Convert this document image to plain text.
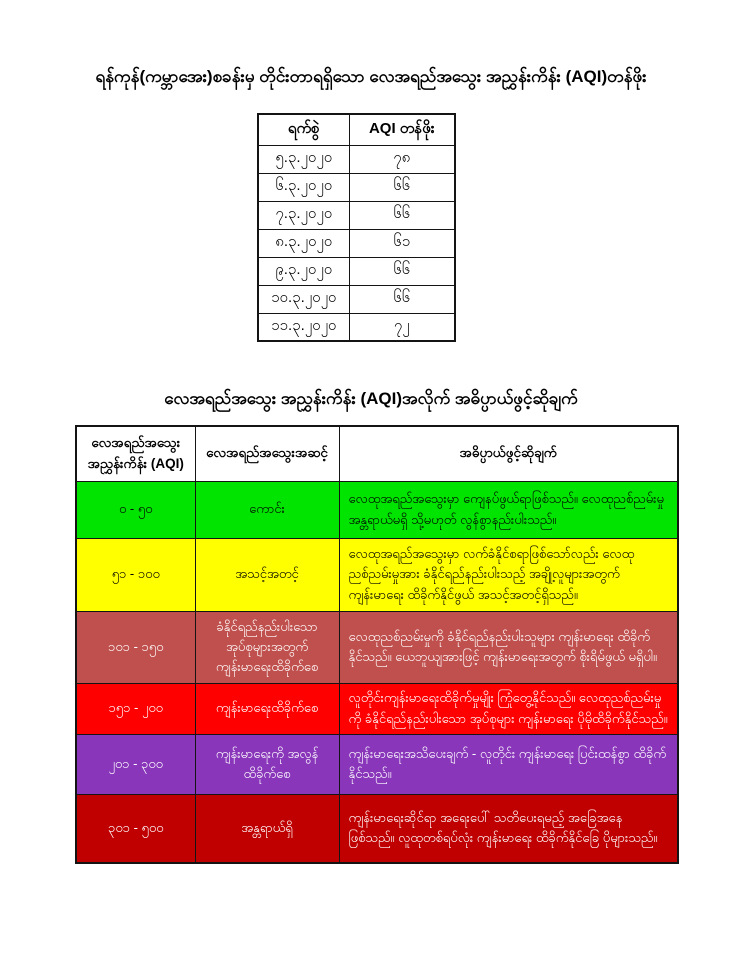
ရန်ကုန်(ကမ္ဘာအေး)စခန်းမှ တိုင်းတာရရှိသော လေအရည်အသွေး အညွှန်းကိန်း (AQI)တန်ဖိုး
ရက်စွဲ	AQI တန်ဖိုး
၅.၃.၂၀၂၀	၇၈
၆.၃.၂၀၂၀	၆၆
၇.၃.၂၀၂၀	၆၆
၈.၃.၂၀၂၀	၆၁
၉.၃.၂၀၂၀	၆၆
၁၀.၃.၂၀၂၀	၆၆
၁၁.၃.၂၀၂၀	၇၂
လေအရည်အသွေး အညွှန်းကိန်း (AQI)အလိုက် အဓိပ္ပာယ်ဖွင့်ဆိုချက်
လေအရည်အသွေး အညွှန်းကိန်း (AQI)	လေအရည်အသွေးအဆင့်	အဓိပ္ပာယ်ဖွင့်ဆိုချက်
၀ - ၅၀	ကောင်း	လေထုအရည်အသွေးမှာ ကျေနပ်ဖွယ်ရာဖြစ်သည်။ လေထုညစ်ညမ်းမှုအန္တရာယ်မရှိ သို့မဟုတ် လွန်စွာနည်းပါးသည်။
၅၁ - ၁၀၀	အသင့်အတင့်	လေထုအရည်အသွေးမှာ လက်ခံနိုင်စရာဖြစ်သော်လည်း လေထုညစ်ညမ်းမှုအား ခံနိုင်ရည်နည်းပါးသည့် အချို့လူများအတွက် ကျန်းမာရေး ထိခိုက်နိုင်ဖွယ် အသင့်အတင့်ရှိသည်။
၁၀၁ - ၁၅၀	ခံနိုင်ရည်နည်းပါးသော အုပ်စုများအတွက် ကျန်းမာရေးထိခိုက်စေ	လေထုညစ်ညမ်းမှုကို ခံနိုင်ရည်နည်းပါးသူများ ကျန်းမာရေး ထိခိုက်နိုင်သည်။ ယေဘူယျအားဖြင့် ကျန်းမာရေးအတွက် စိုးရိမ်ဖွယ် မရှိပါ။
၁၅၁ - ၂၀၀	ကျန်းမာရေးထိခိုက်စေ	လူတိုင်းကျန်းမာရေးထိခိုက်မှုမျိုး ကြုံတွေ့နိုင်သည်။ လေထုညစ်ညမ်းမှုကို ခံနိုင်ရည်နည်းပါးသော အုပ်စုများ ကျန်းမာရေး ပိုမိုထိခိုက်နိုင်သည်။
၂၀၁ - ၃၀၀	ကျန်းမာရေးကို အလွန်ထိခိုက်စေ	ကျန်းမာရေးအသိပေးချက် - လူတိုင်း ကျန်းမာရေး ပြင်းထန်စွာ ထိခိုက်နိုင်သည်။
၃၀၁ - ၅၀၀	အန္တရာယ်ရှိ	ကျန်းမာရေးဆိုင်ရာ အရေးပေါ် သတိပေးရမည့် အခြေအနေဖြစ်သည်။ လူထုတစ်ရပ်လုံး ကျန်းမာရေး ထိခိုက်နိုင်ခြေ ပိုများသည်။
